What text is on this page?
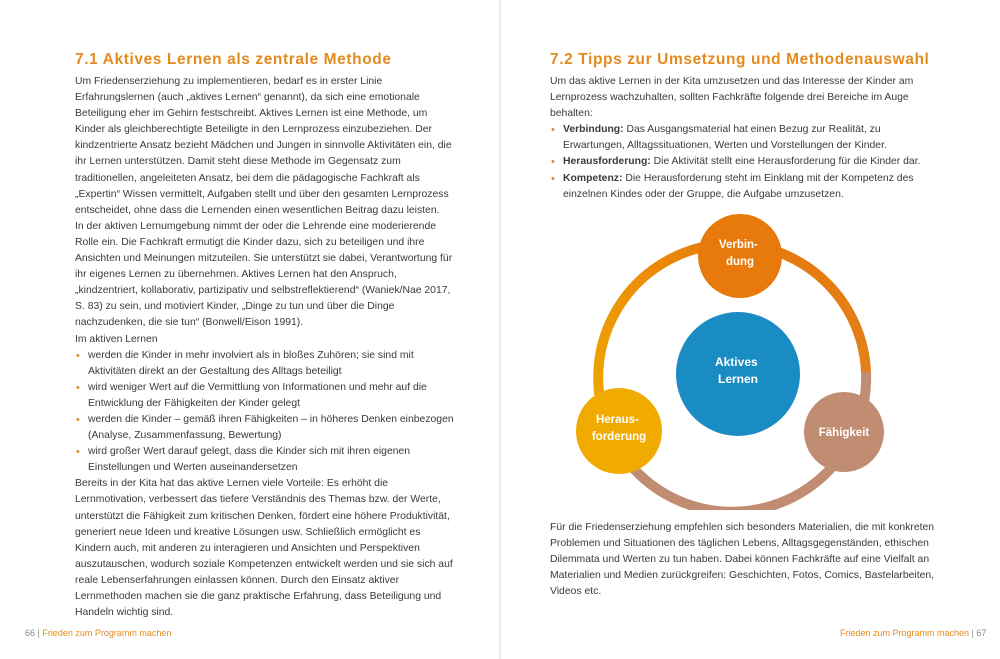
7.1 Aktives Lernen als zentrale Methode

Um Friedenserziehung zu implementieren, bedarf es in erster Linie Erfahrungslernen (auch „aktives Lernen“ genannt), da sich eine emotionale Beteiligung eher im Gehirn festschreibt. Aktives Lernen ist eine Methode, um Kinder als gleichberechtigte Beteiligte in den Lernprozess einzubeziehen. Der kindzentrierte Ansatz bezieht Mädchen und Jungen in sinnvolle Aktivitäten ein, die ihr Lernen unterstützen. Damit steht diese Methode im Gegensatz zum traditionellen, angeleiteten Ansatz, bei dem die pädagogische Fachkraft als „Expertin“ Wissen vermittelt, Aufgaben stellt und über den gesamten Lernprozess entscheidet, ohne dass die Lernenden einen wesentlichen Beitrag dazu leisten.

In der aktiven Lernumgebung nimmt der oder die Lehrende eine moderierende Rolle ein. Die Fachkraft ermutigt die Kinder dazu, sich zu beteiligen und ihre Ansichten und Meinungen mitzuteilen. Sie unterstützt sie dabei, Verantwortung für ihr eigenes Lernen zu übernehmen. Aktives Lernen hat den Anspruch, „kindzentriert, kollaborativ, partizipativ und selbstreflektierend“ (Waniek/Nae 2017, S. 83) zu sein, und motiviert Kinder, „Dinge zu tun und über die Dinge nachzudenken, die sie tun“ (Bonwell/Eison 1991).

Im aktiven Lernen

• werden die Kinder in mehr involviert als in bloßes Zuhören; sie sind mit Aktivitäten direkt an der Gestaltung des Alltags beteiligt
• wird weniger Wert auf die Vermittlung von Informationen und mehr auf die Entwicklung der Fähigkeiten der Kinder gelegt
• werden die Kinder – gemäß ihren Fähigkeiten – in höheres Denken einbezogen (Analyse, Zusammenfassung, Bewertung)
• wird großer Wert darauf gelegt, dass die Kinder sich mit ihren eigenen Einstellungen und Werten auseinandersetzen

Bereits in der Kita hat das aktive Lernen viele Vorteile: Es erhöht die Lernmotivation, verbessert das tiefere Verständnis des Themas bzw. der Werte, unterstützt die Fähigkeit zum kritischen Denken, fördert eine höhere Produktivität, generiert neue Ideen und kreative Lösungen usw. Schließlich ermöglicht es Kindern auch, mit anderen zu interagieren und Ansichten und Perspektiven auszutauschen, wodurch soziale Kompetenzen entwickelt werden und sie sich auf reale Lebenserfahrungen einlassen können. Durch den Einsatz aktiver Lernmethoden machen sie die ganz praktische Erfahrung, dass Beteiligung und Handeln wichtig sind.

7.2 Tipps zur Umsetzung und Methodenauswahl

Um das aktive Lernen in der Kita umzusetzen und das Interesse der Kinder am Lernprozess wachzuhalten, sollten Fachkräfte folgende drei Bereiche im Auge behalten:

• Verbindung: Das Ausgangsmaterial hat einen Bezug zur Realität, zu Erwartungen, Alltagssituationen, Werten und Vorstellungen der Kinder.
• Herausforderung: Die Aktivität stellt eine Herausforderung für die Kinder dar.
• Kompetenz: Die Herausforderung steht im Einklang mit der Kompetenz des einzelnen Kindes oder der Gruppe, die Aufgabe umzusetzen.
Aktives Lernen
Verbin- dung
Fähigkeit
Heraus- forderung

Für die Friedenserziehung empfehlen sich besonders Materialien, die mit konkreten Problemen und Situationen des täglichen Lebens, Alltagsgegenständen, ethischen Dilemmata und Werten zu tun haben. Dabei können Fachkräfte auf eine Vielfalt an Materialien und Medien zurückgreifen: Geschichten, Fotos, Comics, Bastelarbeiten, Videos etc.

66 | Frieden zum Programm machen	Frieden zum Programm machen | 67
